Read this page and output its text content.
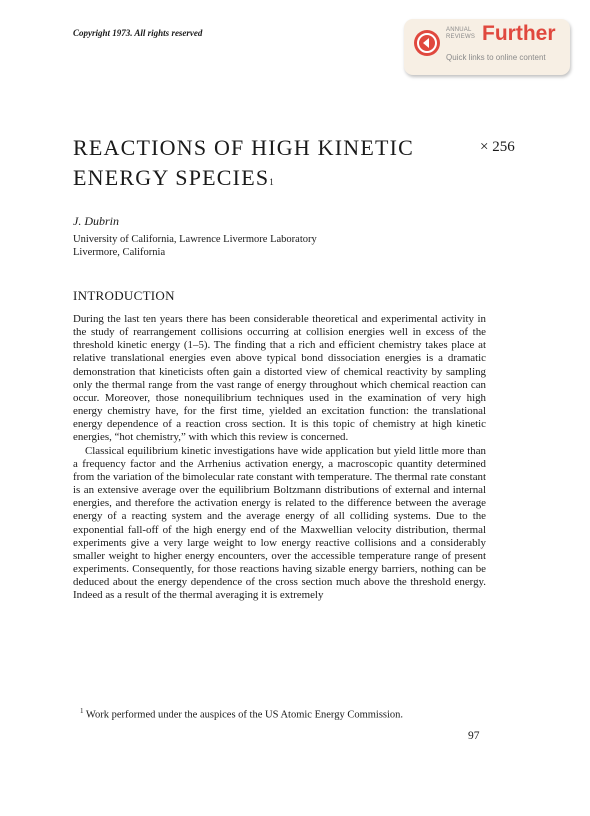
Copyright 1973. All rights reserved	ANNUAL
REVIEWS Further
Quick links to online content
REACTIONS OF HIGH KINETIC
ENERGY $SPECIES^1$
× 256
J. Dubrin
University of California, Lawrence Livermore Laboratory
Livermore, California
INTRODUCTION

During the last ten years there has been considerable theoretical and experimental activity in the study of rearrangement collisions occurring at collision energies well in excess of the threshold kinetic energy (1–5). The finding that a rich and efficient chemistry takes place at relative translational energies even above typical bond dissociation energies is a dramatic demonstration that kineticists often gain a distorted view of chemical reactivity by sampling only the thermal range from the vast range of energy throughout which chemical reaction can occur. Moreover, those nonequilibrium techniques used in the examination of very high energy chemistry have, for the first time, yielded an excitation function: the translational energy dependence of a reaction cross section. It is this topic of chemistry at high kinetic energies, “hot chemistry,” with which this review is concerned.

Classical equilibrium kinetic investigations have wide application but yield little more than a frequency factor and the Arrhenius activation energy, a macroscopic quantity determined from the variation of the bimolecular rate constant with temperature. The thermal rate constant is an extensive average over the equilibrium Boltzmann distributions of external and internal energies, and therefore the activation energy is related to the difference between the average energy of a reacting system and the average energy of all colliding systems. Due to the exponential fall-off of the high energy end of the Maxwellian velocity distribution, thermal experiments give a very large weight to low energy reactive collisions and a considerably smaller weight to higher energy encounters, over the accessible temperature range of present experiments. Consequently, for those reactions having sizable energy barriers, nothing can be deduced about the energy dependence of the cross section much above the threshold energy. Indeed as a result of the thermal averaging it is extremely

$^1$ Work performed under the auspices of the US Atomic Energy Commission.
97
